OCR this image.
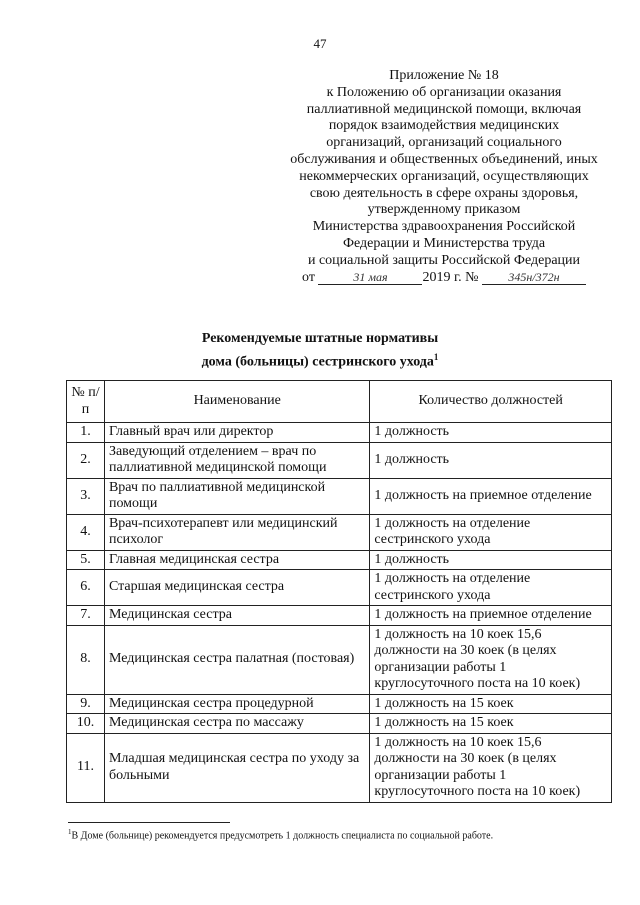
47
Приложение № 18
к Положению об организации оказания
паллиативной медицинской помощи, включая
порядок взаимодействия медицинских
организаций, организаций социального
обслуживания и общественных объединений, иных
некоммерческих организаций, осуществляющих
свою деятельность в сфере охраны здоровья,
утвержденному приказом
Министерства здравоохранения Российской
Федерации и Министерства труда
и социальной защиты Российской Федерации
от	31 мая 2019 г. № 345н/372н
Рекомендуемые штатные нормативы
дома (больницы) сестринского ухода$^1$
№ п/п	Наименование	Количество должностей
1.	Главный врач или директор	1 должность
2.	Заведующий отделением – врач по паллиативной медицинской помощи	1 должность
3.	Врач по паллиативной медицинской помощи	1 должность на приемное отделение
4.	Врач-психотерапевт или медицинский психолог	1 должность на отделение сестринского ухода
5.	Главная медицинская сестра	1 должность
6.	Старшая медицинская сестра	1 должность на отделение сестринского ухода
7.	Медицинская сестра	1 должность на приемное отделение
8.	Медицинская сестра палатная (постовая)	1 должность на 10 коек 15,6 должности на 30 коек (в целях организации работы 1 круглосуточного поста на 10 коек)
9.	Медицинская сестра процедурной	1 должность на 15 коек
10.	Медицинская сестра по массажу	1 должность на 15 коек
11.	Младшая медицинская сестра по уходу за больными	1 должность на 10 коек 15,6 должности на 30 коек (в целях организации работы 1 круглосуточного поста на 10 коек)
$^1$В Доме (больнице) рекомендуется предусмотреть 1 должность специалиста по социальной работе.
